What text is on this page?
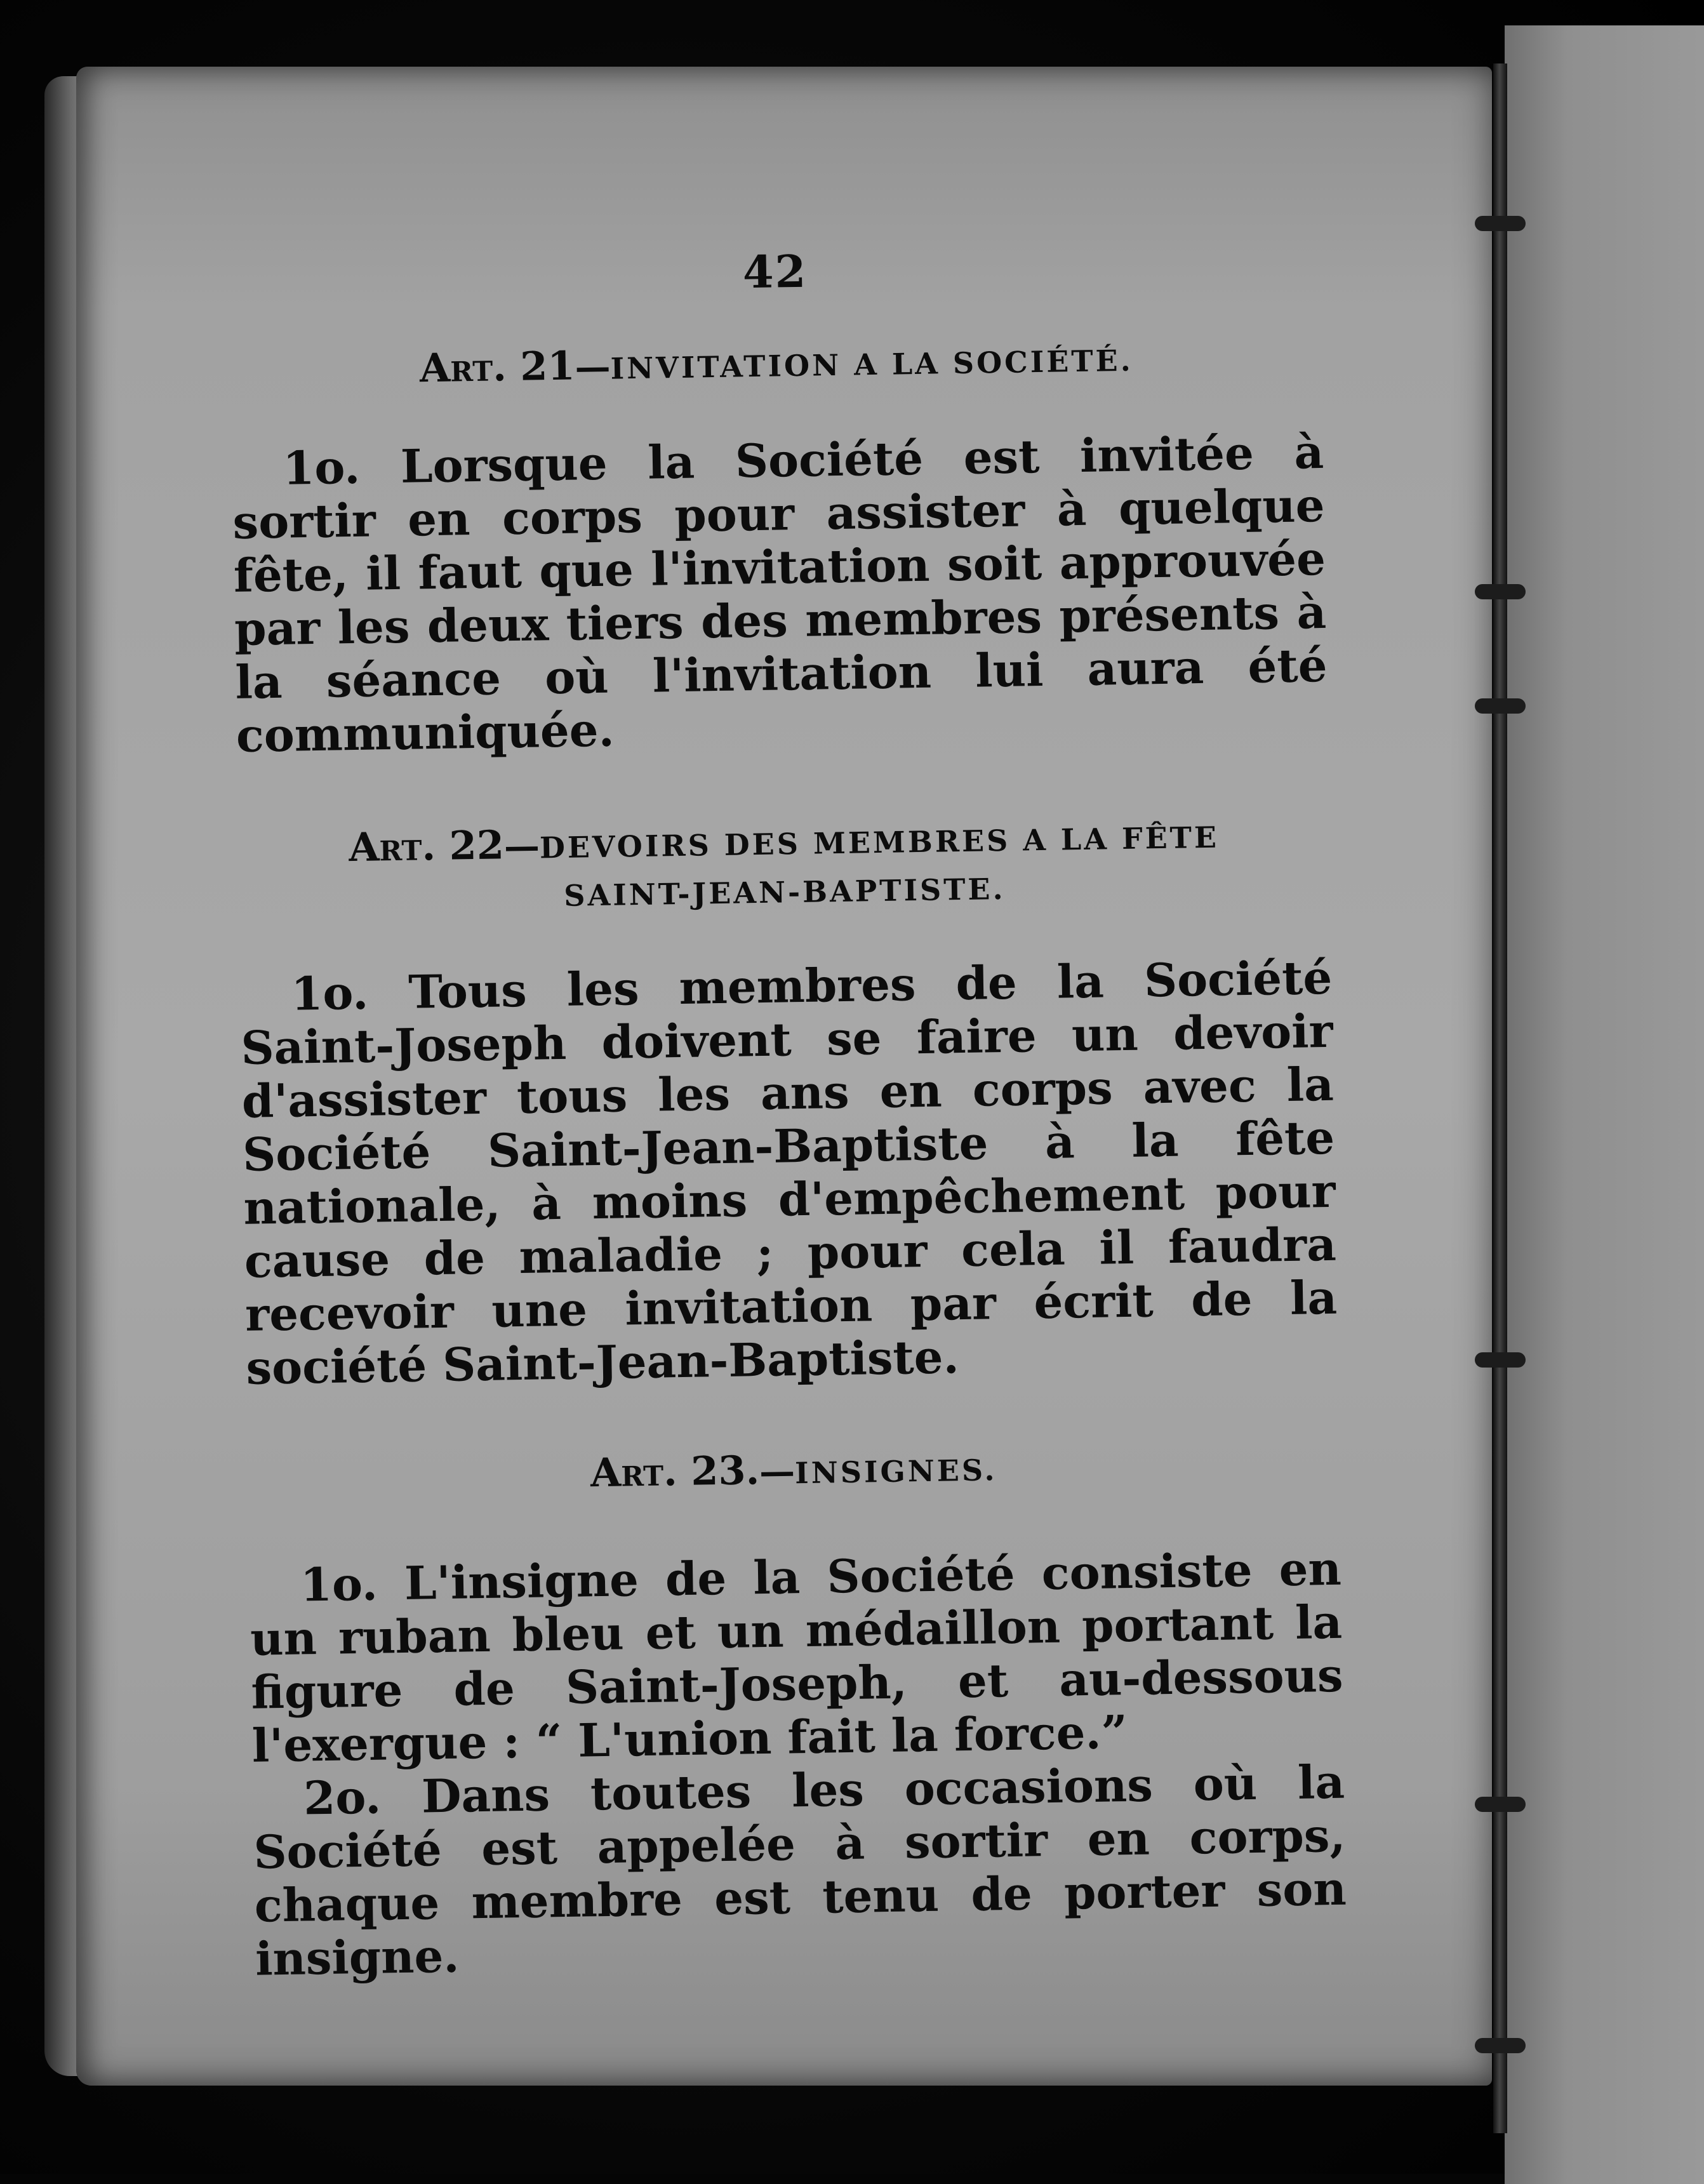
42
Art. 21—INVITATION A LA SOCIÉTÉ.

1o. Lorsque la Société est invitée à sortir en corps pour assister à quelque fête, il faut que l'invitation soit approuvée par les deux tiers des membres présents à la séance où l'invitation lui aura été communiquée.

Art. 22—DEVOIRS DES MEMBRES A LA FÊTE
SAINT-JEAN-BAPTISTE.

1o. Tous les membres de la Société Saint-Joseph doivent se faire un devoir d'assister tous les ans en corps avec la Société Saint-Jean-Baptiste à la fête nationale, à moins d'empêchement pour cause de maladie ; pour cela il faudra recevoir une invitation par écrit de la société Saint-Jean-Baptiste.

Art. 23.—INSIGNES.

1o. L'insigne de la Société consiste en un ruban bleu et un médaillon portant la figure de Saint-Joseph, et au-dessous l'exergue : “ L'union fait la force.”

2o. Dans toutes les occasions où la Société est appelée à sortir en corps, chaque membre est tenu de porter son insigne.
